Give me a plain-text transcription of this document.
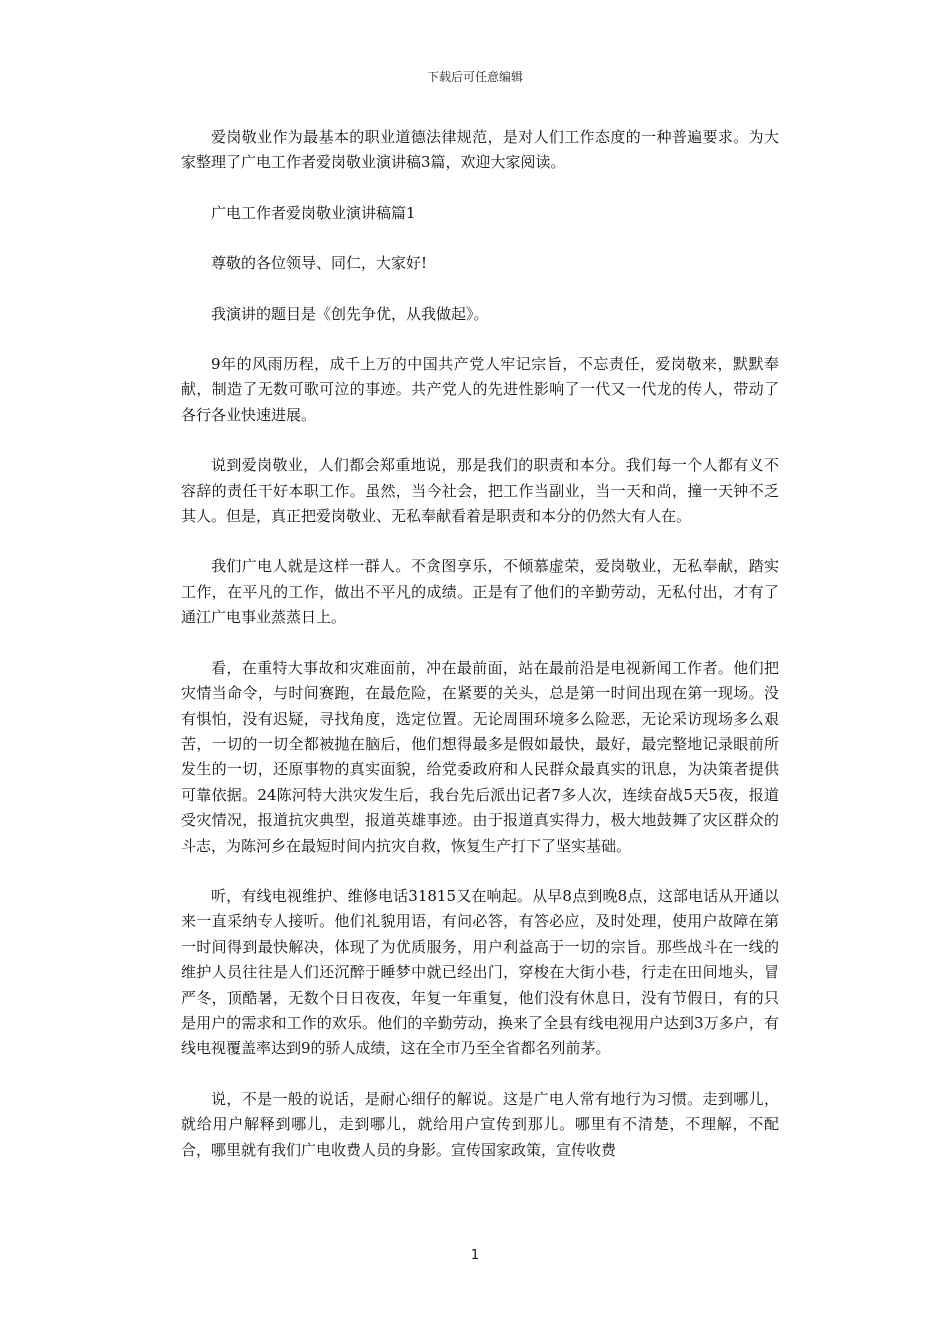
下载后可任意编辑

爱岗敬业作为最基本的职业道德法律规范，是对人们工作态度的一种普遍要求。为大家整理了广电工作者爱岗敬业演讲稿3篇，欢迎大家阅读。

广电工作者爱岗敬业演讲稿篇1

尊敬的各位领导、同仁，大家好!

我演讲的题目是《创先争优，从我做起》。

9年的风雨历程，成千上万的中国共产党人牢记宗旨，不忘责任，爱岗敬来，默默奉献，制造了无数可歌可泣的事迹。共产党人的先进性影响了一代又一代龙的传人，带动了各行各业快速进展。

说到爱岗敬业，人们都会郑重地说，那是我们的职责和本分。我们每一个人都有义不容辞的责任干好本职工作。虽然，当今社会，把工作当副业，当一天和尚，撞一天钟不乏其人。但是，真正把爱岗敬业、无私奉献看着是职责和本分的仍然大有人在。

我们广电人就是这样一群人。不贪图享乐，不倾慕虚荣，爱岗敬业，无私奉献，踏实工作，在平凡的工作，做出不平凡的成绩。正是有了他们的辛勤劳动，无私付出，才有了通江广电事业蒸蒸日上。

看，在重特大事故和灾难面前，冲在最前面，站在最前沿是电视新闻工作者。他们把灾情当命令，与时间赛跑，在最危险，在紧要的关头，总是第一时间出现在第一现场。没有惧怕，没有迟疑，寻找角度，选定位置。无论周围环境多么险恶，无论采访现场多么艰苦，一切的一切全都被抛在脑后，他们想得最多是假如最快，最好，最完整地记录眼前所发生的一切，还原事物的真实面貌，给党委政府和人民群众最真实的讯息，为决策者提供可靠依据。24陈河特大洪灾发生后，我台先后派出记者7多人次，连续奋战5天5夜，报道受灾情况，报道抗灾典型，报道英雄事迹。由于报道真实得力，极大地鼓舞了灾区群众的斗志，为陈河乡在最短时间内抗灾自救，恢复生产打下了坚实基础。

听，有线电视维护、维修电话31815又在响起。从早8点到晚8点，这部电话从开通以来一直采纳专人接听。他们礼貌用语，有问必答，有答必应，及时处理，使用户故障在第一时间得到最快解决，体现了为优质服务，用户利益高于一切的宗旨。那些战斗在一线的维护人员往往是人们还沉醉于睡梦中就已经出门，穿梭在大街小巷，行走在田间地头，冒严冬，顶酷暑，无数个日日夜夜，年复一年重复，他们没有休息日，没有节假日，有的只是用户的需求和工作的欢乐。他们的辛勤劳动，换来了全县有线电视用户达到3万多户，有线电视覆盖率达到9的骄人成绩，这在全市乃至全省都名列前茅。

说，不是一般的说话，是耐心细仔的解说。这是广电人常有地行为习惯。走到哪儿，就给用户解释到哪儿，走到哪儿，就给用户宣传到那儿。哪里有不清楚，不理解，不配合，哪里就有我们广电收费人员的身影。宣传国家政策，宣传收费

1
